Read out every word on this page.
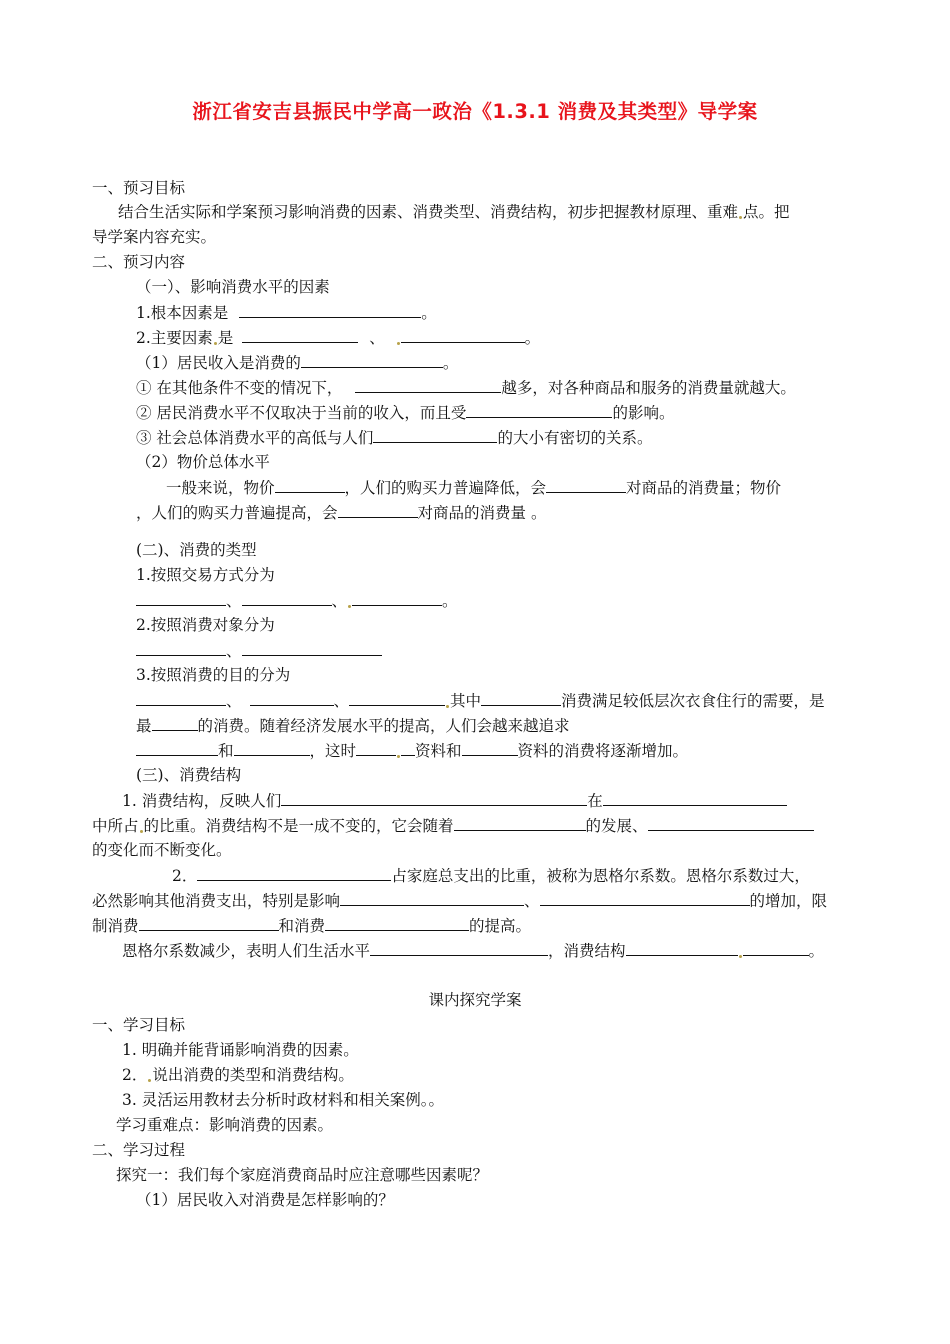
浙江省安吉县振民中学高一政治《1.3.1 消费及其类型》导学案
一、预习目标
结合生活实际和学案预习影响消费的因素、消费类型、消费结构，初步把握教材原理、重难 点。把
导学案内容充实。
二、预习内容
（一）、影响消费水平的因素
1.根本因素是	。
2.主要因素 是	、	。
（1）居民收入是消费的	。
① 在其他条件不变的情况下，	越多，对各种商品和服务的消费量就越大。
② 居民消费水平不仅取决于当前的收入，而且受	的影响。
③ 社会总体消费水平的高低与人们	的大小有密切的关系。
（2）物价总体水平
一般来说，物价	，人们的购买力普遍降低，会	对商品的消费量；物价
，人们的购买力普遍提高，会	对商品的消费量 。
(二)、消费的类型
1.按照交易方式分为
、	、	。
2.按照消费对象分为
、
3.按照消费的目的分为
、	、	其中	消费满足较低层次衣食住行的需要，是
最	的消费。随着经济发展水平的提高，人们会越来越追求
和	，这时	资料和	资料的消费将逐渐增加。
(三)、消费结构
1. 消费结构，反映人们	在
中所占 的比重。消费结构不是一成不变的，它会随着	的发展、
的变化而不断变化。
2．	占家庭总支出的比重，被称为恩格尔系数。恩格尔系数过大，
必然影响其他消费支出，特别是影响	、	的增加，限
制消费	和消费	的提高。
恩格尔系数减少，表明人们生活水平	，消费结构	。
课内探究学案
一、学习目标
1. 明确并能背诵影响消费的因素。
2． 说出消费的类型和消费结构。
3. 灵活运用教材去分析时政材料和相关案例。。
学习重难点：影响消费的因素。
二、学习过程
探究一：我们每个家庭消费商品时应注意哪些因素呢？
（1）居民收入对消费是怎样影响的？
